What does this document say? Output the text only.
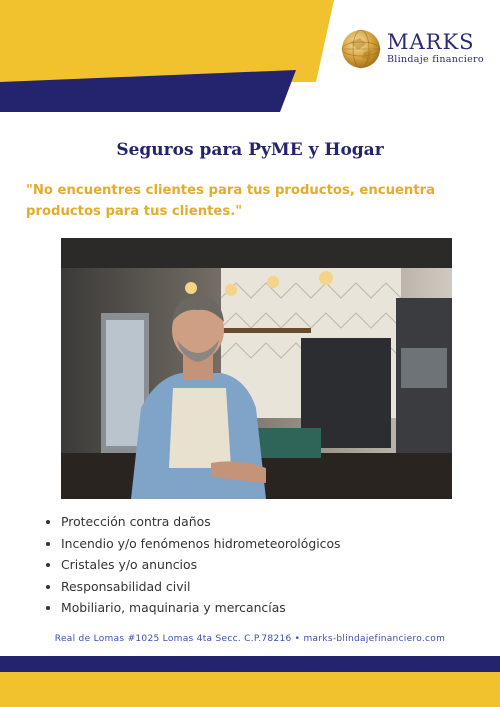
MARKS
Blindaje financiero
Seguros para PyME y Hogar
"No encuentres clientes para tus productos, encuentra productos para tus clientes."
• Protección contra daños
• Incendio y/o fenómenos hidrometeorológicos
• Cristales y/o anuncios
• Responsabilidad civil
• Mobiliario, maquinaria y mercancías
Real de Lomas #1025 Lomas 4ta Secc. C.P.78216 • marks-blindajefinanciero.com
